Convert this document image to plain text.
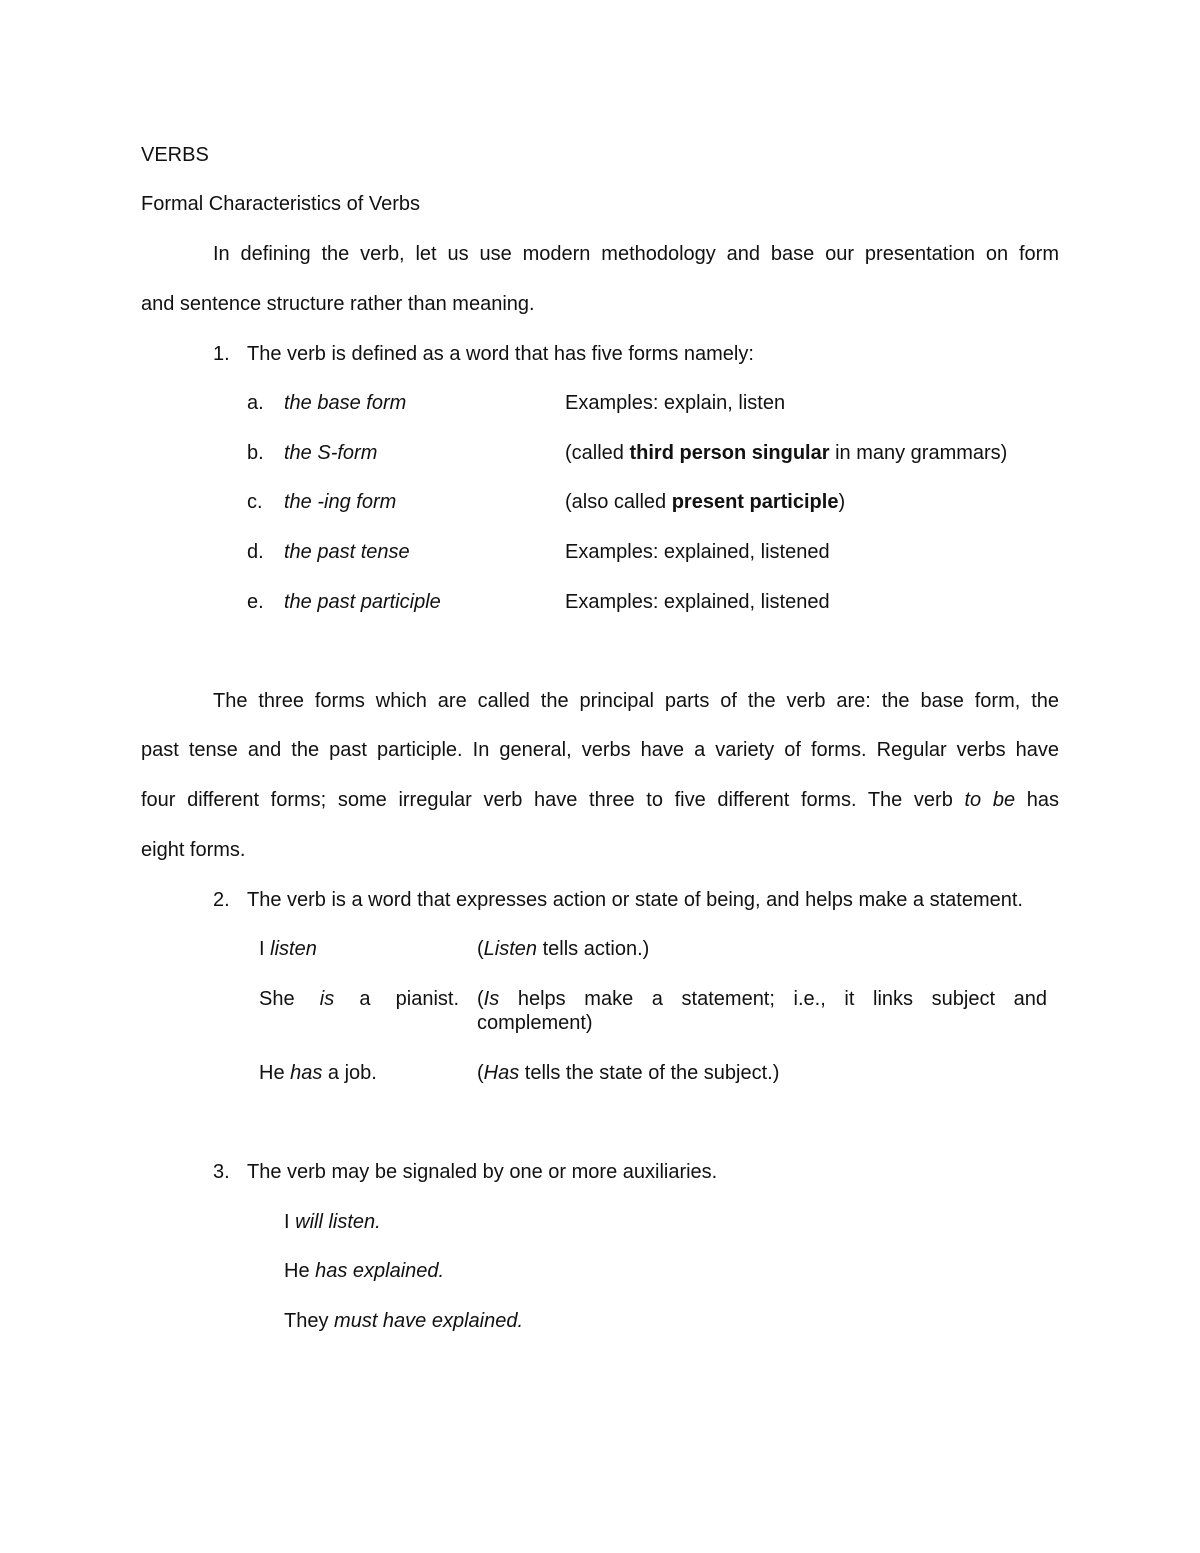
VERBS
Formal Characteristics of Verbs
In defining the verb, let us use modern methodology and base our presentation on form
and sentence structure rather than meaning.
1. The verb is defined as a word that has five forms namely:
a. the base form	Examples: explain, listen
b. the S-form	(called third person singular in many grammars)
c. the -ing form	(also called present participle)
d. the past tense	Examples: explained, listened
e. the past participle	Examples: explained, listened
The three forms which are called the principal parts of the verb are: the base form, the
past tense and the past participle. In general, verbs have a variety of forms. Regular verbs have
four different forms; some irregular verb have three to five different forms. The verb to be has
eight forms.
2. The verb is a word that expresses action or state of being, and helps make a statement.
I listen	(Listen tells action.)
She is a pianist. (Is helps make a statement; i.e., it links subject and
complement)
He has a job.	(Has tells the state of the subject.)
3. The verb may be signaled by one or more auxiliaries.
I will listen.
He has explained.
They must have explained.
